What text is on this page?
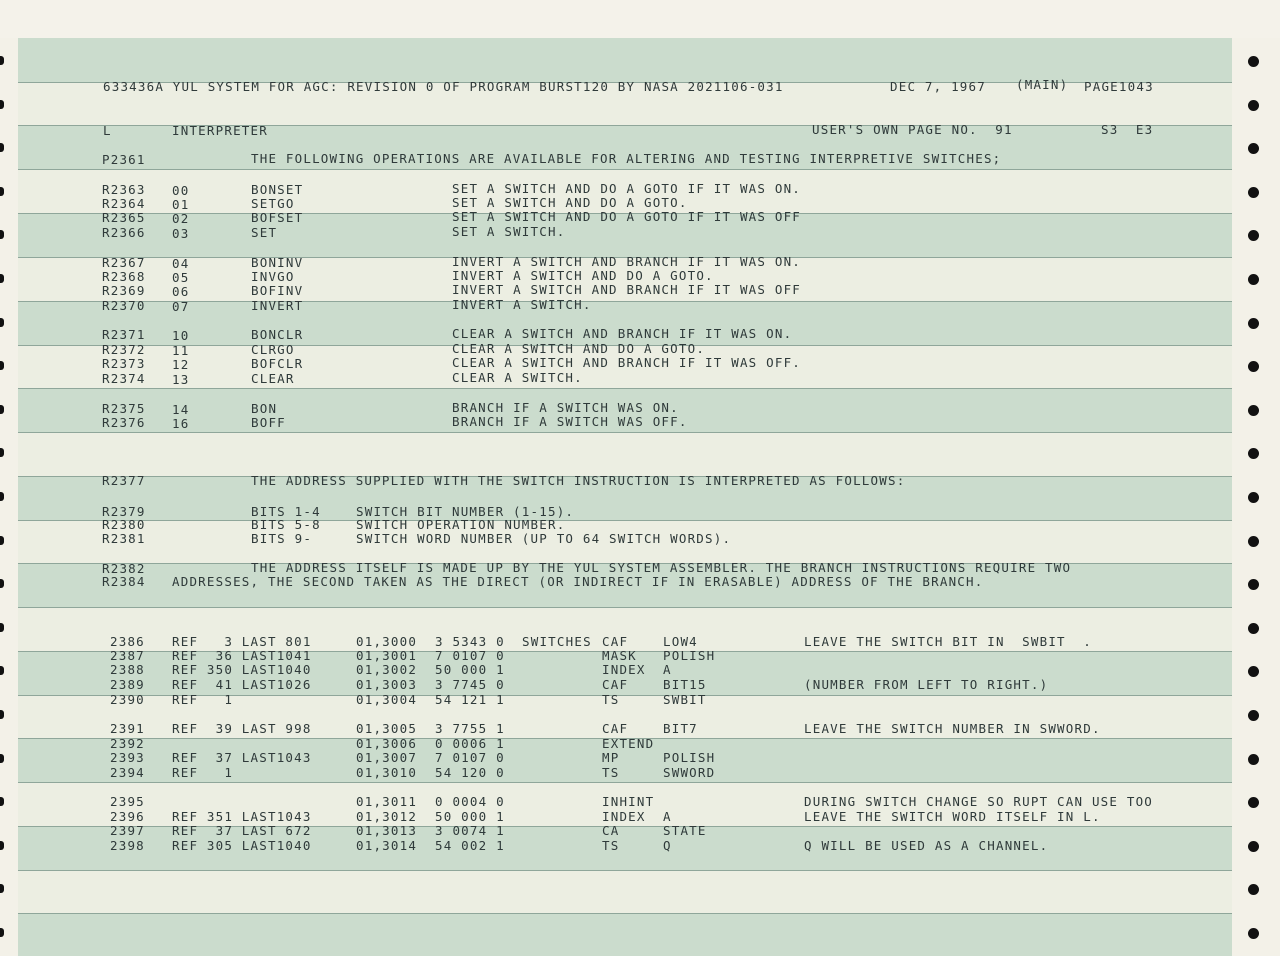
633436A YUL SYSTEM FOR AGC: REVISION 0 OF PROGRAM BURST120 BY NASA 2021106-031	DEC 7, 1967 (MAIN) PAGE1043
L	INTERPRETER	USER'S OWN PAGE NO.  91	S3  E3
P2361	THE FOLLOWING OPERATIONS ARE AVAILABLE FOR ALTERING AND TESTING INTERPRETIVE SWITCHES;
R2363 00	BONSET	SET A SWITCH AND DO A GOTO IF IT WAS ON.
R2364 01	SETGO	SET A SWITCH AND DO A GOTO.
R2365 02	BOFSET	SET A SWITCH AND DO A GOTO IF IT WAS OFF
R2366 03	SET	SET A SWITCH.
R2367 04	BONINV	INVERT A SWITCH AND BRANCH IF IT WAS ON.
R2368 05	INVGO	INVERT A SWITCH AND DO A GOTO.
R2369 06	BOFINV	INVERT A SWITCH AND BRANCH IF IT WAS OFF
R2370 07	INVERT	INVERT A SWITCH.
R2371 10	BONCLR	CLEAR A SWITCH AND BRANCH IF IT WAS ON.
R2372 11	CLRGO	CLEAR A SWITCH AND DO A GOTO.
R2373 12	BOFCLR	CLEAR A SWITCH AND BRANCH IF IT WAS OFF.
R2374 13	CLEAR	CLEAR A SWITCH.
R2375 14	BON	BRANCH IF A SWITCH WAS ON.
R2376 16	BOFF	BRANCH IF A SWITCH WAS OFF.
R2377	THE ADDRESS SUPPLIED WITH THE SWITCH INSTRUCTION IS INTERPRETED AS FOLLOWS:
R2379	BITS 1-4	SWITCH BIT NUMBER (1-15).
R2380	BITS 5-8	SWITCH OPERATION NUMBER.
R2381	BITS 9-	SWITCH WORD NUMBER (UP TO 64 SWITCH WORDS).
R2382	THE ADDRESS ITSELF IS MADE UP BY THE YUL SYSTEM ASSEMBLER. THE BRANCH INSTRUCTIONS REQUIRE TWO
R2384 ADDRESSES, THE SECOND TAKEN AS THE DIRECT (OR INDIRECT IF IN ERASABLE) ADDRESS OF THE BRANCH.
2386 REF   3 LAST 801	01,3000 3 5343 0 SWITCHES CAF	LOW4	LEAVE THE SWITCH BIT IN  SWBIT  .
2387 REF  36 LAST1041	01,3001 7 0107 0	MASK POLISH
2388 REF 350 LAST1040	01,3002 50 000 1	INDEX A
2389 REF  41 LAST1026	01,3003 3 7745 0	CAF	BIT15	(NUMBER FROM LEFT TO RIGHT.)
2390 REF   1	01,3004 54 121 1	TS	SWBIT
2391 REF  39 LAST 998	01,3005 3 7755 1	CAF	BIT7	LEAVE THE SWITCH NUMBER IN SWWORD.
2392	01,3006 0 0006 1	EXTEND
2393 REF  37 LAST1043	01,3007 7 0107 0	MP	POLISH
2394 REF   1	01,3010 54 120 0	TS	SWWORD
2395	01,3011 0 0004 0	INHINT	DURING SWITCH CHANGE SO RUPT CAN USE TOO
2396 REF 351 LAST1043	01,3012 50 000 1	INDEX A	LEAVE THE SWITCH WORD ITSELF IN L.
2397 REF  37 LAST 672	01,3013 3 0074 1	CA	STATE
2398 REF 305 LAST1040	01,3014 54 002 1	TS	Q	Q WILL BE USED AS A CHANNEL.
